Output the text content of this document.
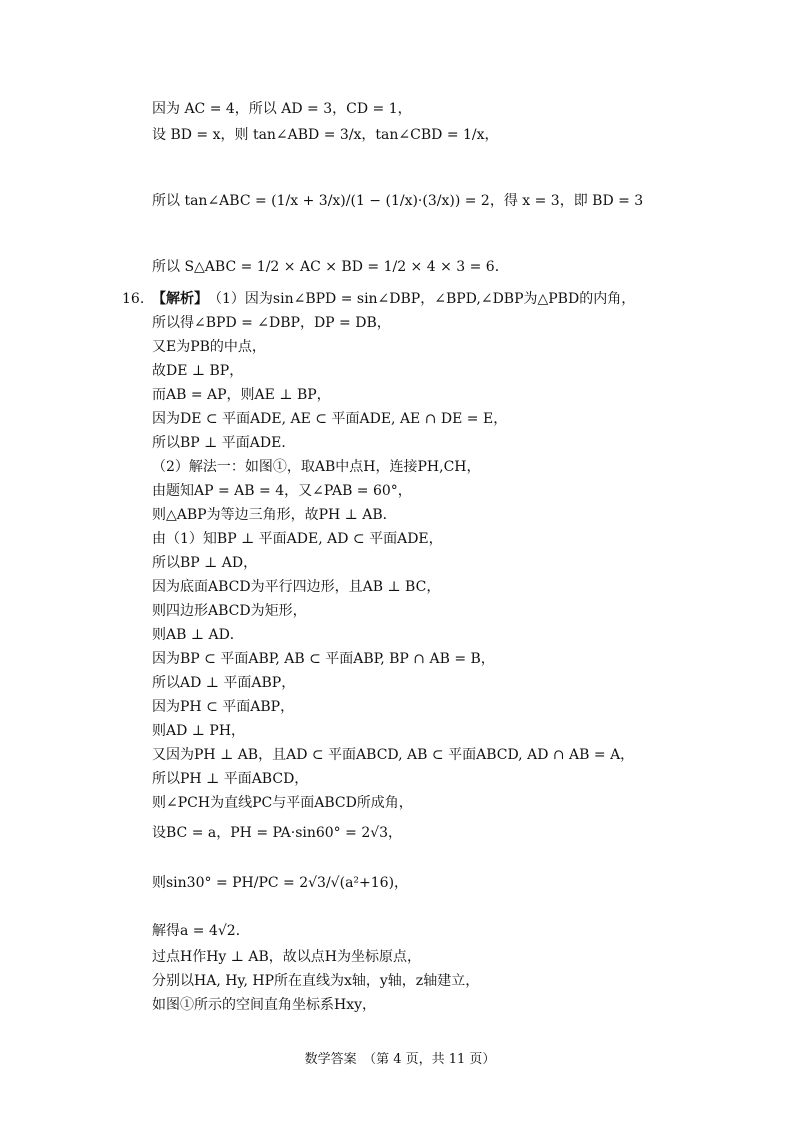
因为 AC = 4，所以 AD = 3，CD = 1，
设 BD = x，则 tan∠ABD = 3/x，tan∠CBD = 1/x，
所以 tan∠ABC = (1/x + 3/x)/(1 − (1/x)·(3/x)) = 2，得 x = 3，即 BD = 3
所以 S△ABC = 1/2 × AC × BD = 1/2 × 4 × 3 = 6．
16. 【解析】 （1）因为sin∠BPD = sin∠DBP，∠BPD,∠DBP为△PBD的内角，
所以得∠BPD = ∠DBP，DP = DB，
又E为PB的中点，
故DE ⊥ BP，
而AB = AP，则AE ⊥ BP，
因为DE ⊂ 平面ADE, AE ⊂ 平面ADE, AE ∩ DE = E，
所以BP ⊥ 平面ADE．
（2）解法一：如图①，取AB中点H，连接PH,CH，
由题知AP = AB = 4，又∠PAB = 60°，
则△ABP为等边三角形，故PH ⊥ AB．
由（1）知BP ⊥ 平面ADE, AD ⊂ 平面ADE，
所以BP ⊥ AD，
因为底面ABCD为平行四边形，且AB ⊥ BC，
则四边形ABCD为矩形，
则AB ⊥ AD．
因为BP ⊂ 平面ABP, AB ⊂ 平面ABP, BP ∩ AB = B，
所以AD ⊥ 平面ABP，
因为PH ⊂ 平面ABP，
则AD ⊥ PH，
又因为PH ⊥ AB，且AD ⊂ 平面ABCD, AB ⊂ 平面ABCD, AD ∩ AB = A，
所以PH ⊥ 平面ABCD，
则∠PCH为直线PC与平面ABCD所成角，
设BC = a，PH = PA·sin60° = 2√3，
则sin30° = PH/PC = 2√3/√(a²+16)，
解得a = 4√2．
过点H作Hy ⊥ AB，故以点H为坐标原点，
分别以HA, Hy, HP所在直线为x轴，y轴，z轴建立，
如图①所示的空间直角坐标系Hxy，
数学答案　（第 4 页，共 11 页）
